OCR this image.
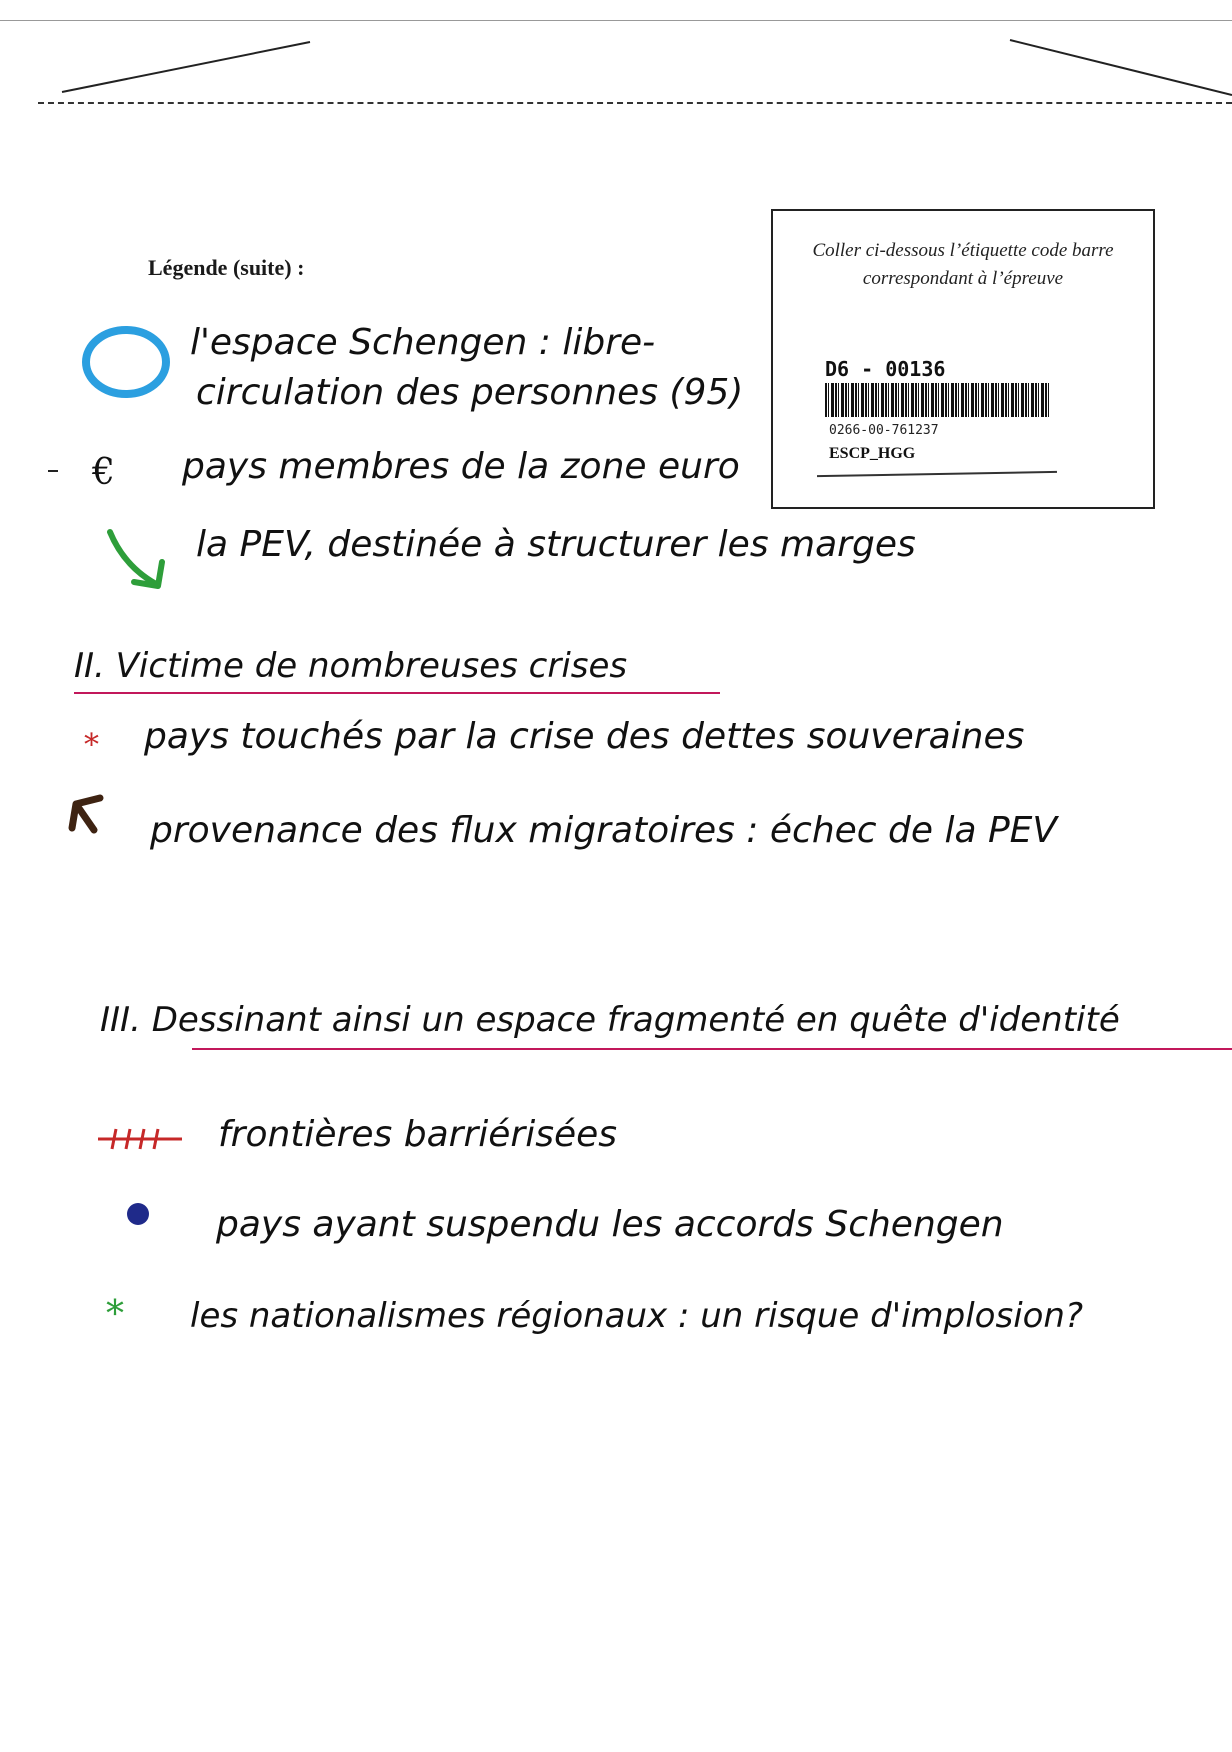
Coller ci-dessous l’étiquette code barre correspondant à l’épreuve
D6 - 00136
0266-00-761237
ESCP_HGG
Légende (suite) :
l'espace Schengen : libre-
circulation des personnes (95)
€ pays membres de la zone euro
la PEV, destinée à structurer les marges
II. Victime de nombreuses crises
⁎ pays touchés par la crise des dettes souveraines
provenance des flux migratoires : échec de la PEV
III. Dessinant ainsi un espace fragmenté en quête d'identité
frontières barriérisées
pays ayant suspendu les accords Schengen
* les nationalismes régionaux : un risque d'implosion?
